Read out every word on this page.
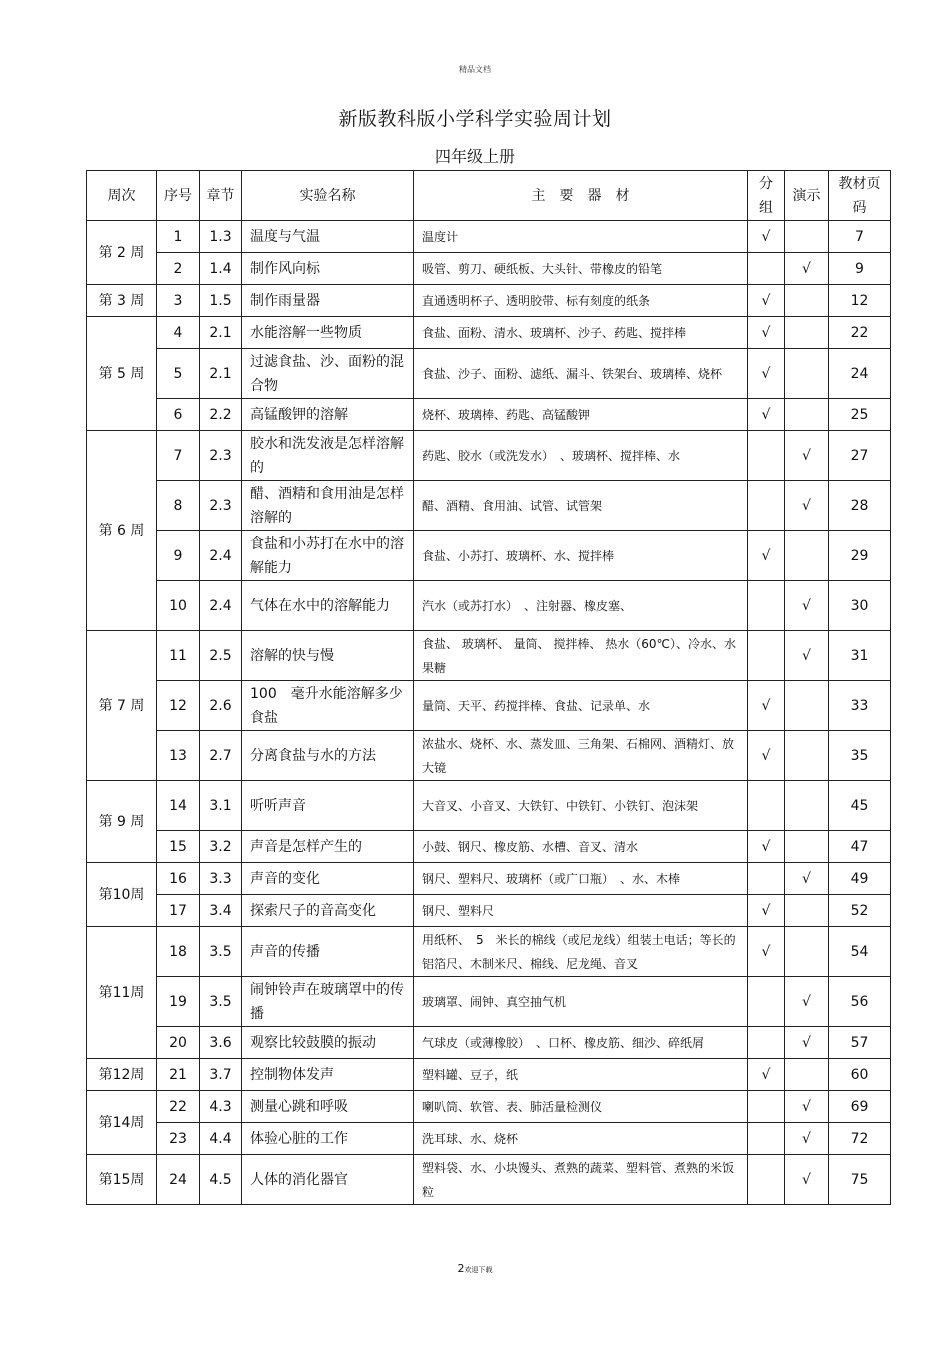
精品文档
新版教科版小学科学实验周计划
四年级上册
周次	序号	章节	实验名称	主　要　器　材	分组	演示	教材页码
第 2 周	1	1.3	温度与气温	温度计	√		7
	2	1.4	制作风向标	吸管、剪刀、硬纸板、大头针、带橡皮的铅笔		√	9
第 3 周	3	1.5	制作雨量器	直通透明杯子、透明胶带、标有刻度的纸条	√		12
第 5 周	4	2.1	水能溶解一些物质	食盐、面粉、清水、玻璃杯、沙子、药匙、搅拌棒	√		22
	5	2.1	过滤食盐、沙、面粉的混合物	食盐、沙子、面粉、滤纸、漏斗、铁架台、玻璃棒、烧杯	√		24
	6	2.2	高锰酸钾的溶解	烧杯、玻璃棒、药匙、高锰酸钾	√		25
第 6 周	7	2.3	胶水和洗发液是怎样溶解的	药匙、胶水（或洗发水）　、玻璃杯、搅拌棒、水		√	27
	8	2.3	醋、酒精和食用油是怎样溶解的	醋、酒精、食用油、试管、试管架		√	28
	9	2.4	食盐和小苏打在水中的溶解能力	食盐、小苏打、玻璃杯、水、搅拌棒	√		29
	10	2.4	气体在水中的溶解能力	汽水（或苏打水）　、注射器、橡皮塞、		√	30
第 7 周	11	2.5	溶解的快与慢	食盐、 玻璃杯、 量筒、 搅拌棒、 热水（60℃）、冷水、水果糖		√	31
	12	2.6	100　毫升水能溶解多少食盐	量筒、天平、药搅拌棒、食盐、记录单、水	√		33
	13	2.7	分离食盐与水的方法	浓盐水、烧杯、水、蒸发皿、三角架、石棉网、酒精灯、放大镜	√		35
第 9 周	14	3.1	听听声音	大音叉、小音叉、大铁钉、中铁钉、小铁钉、泡沫架			45
	15	3.2	声音是怎样产生的	小鼓、钢尺、橡皮筋、水槽、音叉、清水	√		47
第10周	16	3.3	声音的变化	钢尺、塑料尺、玻璃杯（或广口瓶）　、水、木棒		√	49
	17	3.4	探索尺子的音高变化	钢尺、塑料尺	√		52
第11周	18	3.5	声音的传播	用纸杯、　5　米长的棉线（或尼龙线）组装土电话；等长的铝箔尺、木制米尺、棉线、尼龙绳、音叉	√		54
	19	3.5	闹钟铃声在玻璃罩中的传播	玻璃罩、闹钟、真空抽气机		√	56
	20	3.6	观察比较鼓膜的振动	气球皮（或薄橡胶）　、口杯、橡皮筋、细沙、碎纸屑		√	57
第12周	21	3.7	控制物体发声	塑料罐、豆子，纸	√		60
第14周	22	4.3	测量心跳和呼吸	喇叭筒、软管、表、肺活量检测仪		√	69
	23	4.4	体验心脏的工作	洗耳球、水、烧杯		√	72
第15周	24	4.5	人体的消化器官	塑料袋、水、小块馒头、煮熟的蔬菜、塑料管、煮熟的米饭粒		√	75
2欢迎下载
